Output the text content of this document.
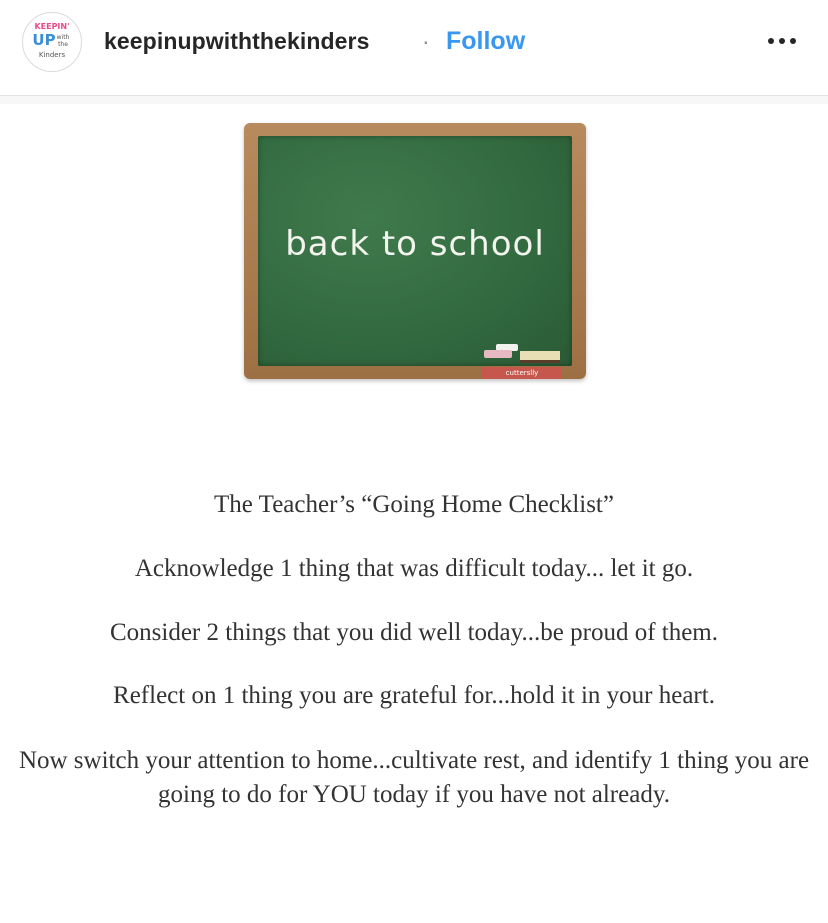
KEEPIN'
UP with
the
Kinders
keepinupwiththekinders · Follow
back to school
cutterslly

The Teacher’s “Going Home Checklist”

Acknowledge 1 thing that was difficult today... let it go.

Consider 2 things that you did well today...be proud of them.

Reflect on 1 thing you are grateful for...hold it in your heart.

Now switch your attention to home...cultivate rest, and identify 1 thing you are going to do for YOU today if you have not already.
